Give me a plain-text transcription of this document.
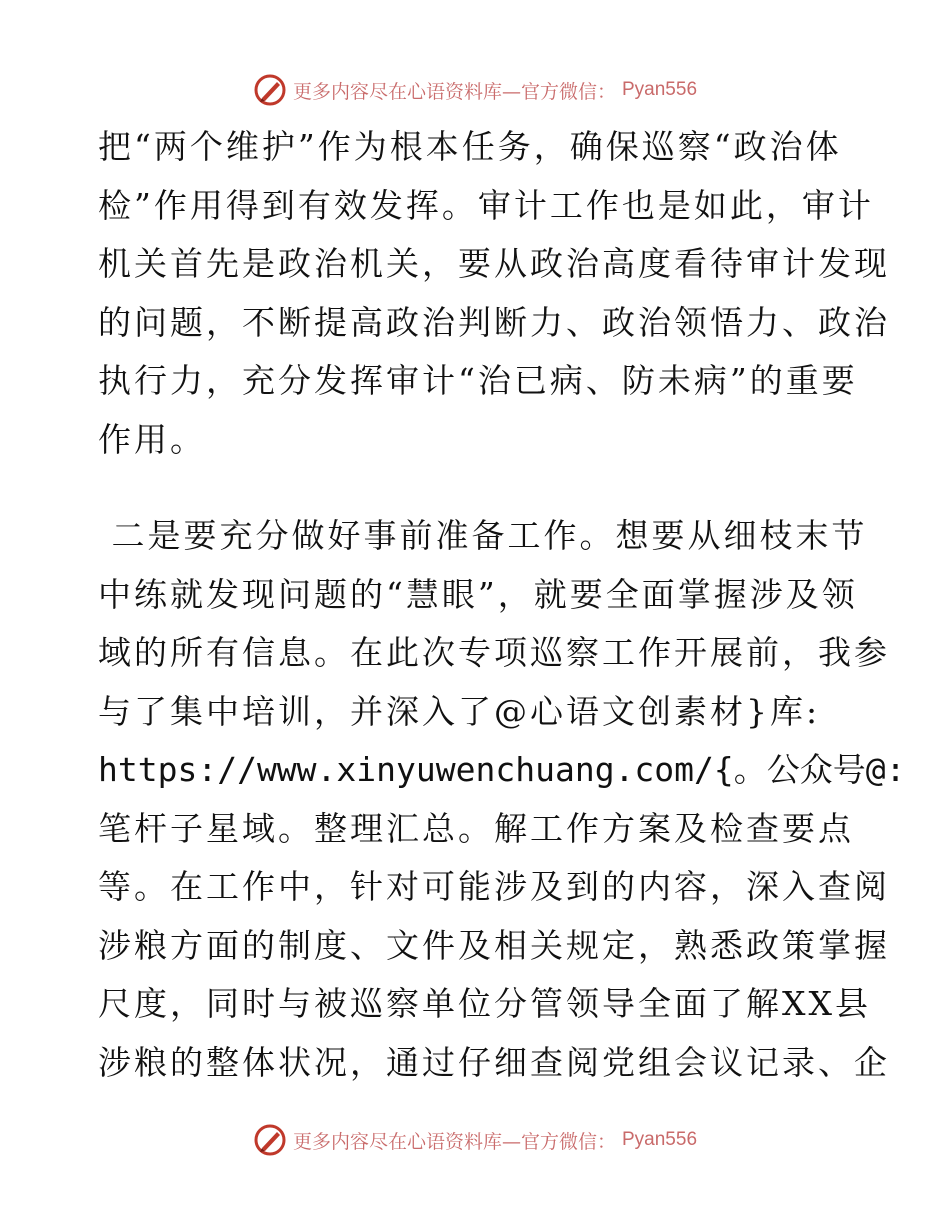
更多内容尽在心语资料库—官方微信： Pyan556
把“两个维护”作为根本任务，确保巡察“政治体
检”作用得到有效发挥。审计工作也是如此，审计
机关首先是政治机关，要从政治高度看待审计发现
的问题，不断提高政治判断力、政治领悟力、政治
执行力，充分发挥审计“治已病、防未病”的重要
作用。
二是要充分做好事前准备工作。想要从细枝末节
中练就发现问题的“慧眼”，就要全面掌握涉及领
域的所有信息。在此次专项巡察工作开展前，我参
与了集中培训，并深入了@心语文创素材}库:
https://www.xinyuwenchuang.com/{。公众号@:
笔杆子星域。整理汇总。解工作方案及检查要点
等。在工作中，针对可能涉及到的内容，深入查阅
涉粮方面的制度、文件及相关规定，熟悉政策掌握
尺度，同时与被巡察单位分管领导全面了解XX县
涉粮的整体状况，通过仔细查阅党组会议记录、企
更多内容尽在心语资料库—官方微信： Pyan556
